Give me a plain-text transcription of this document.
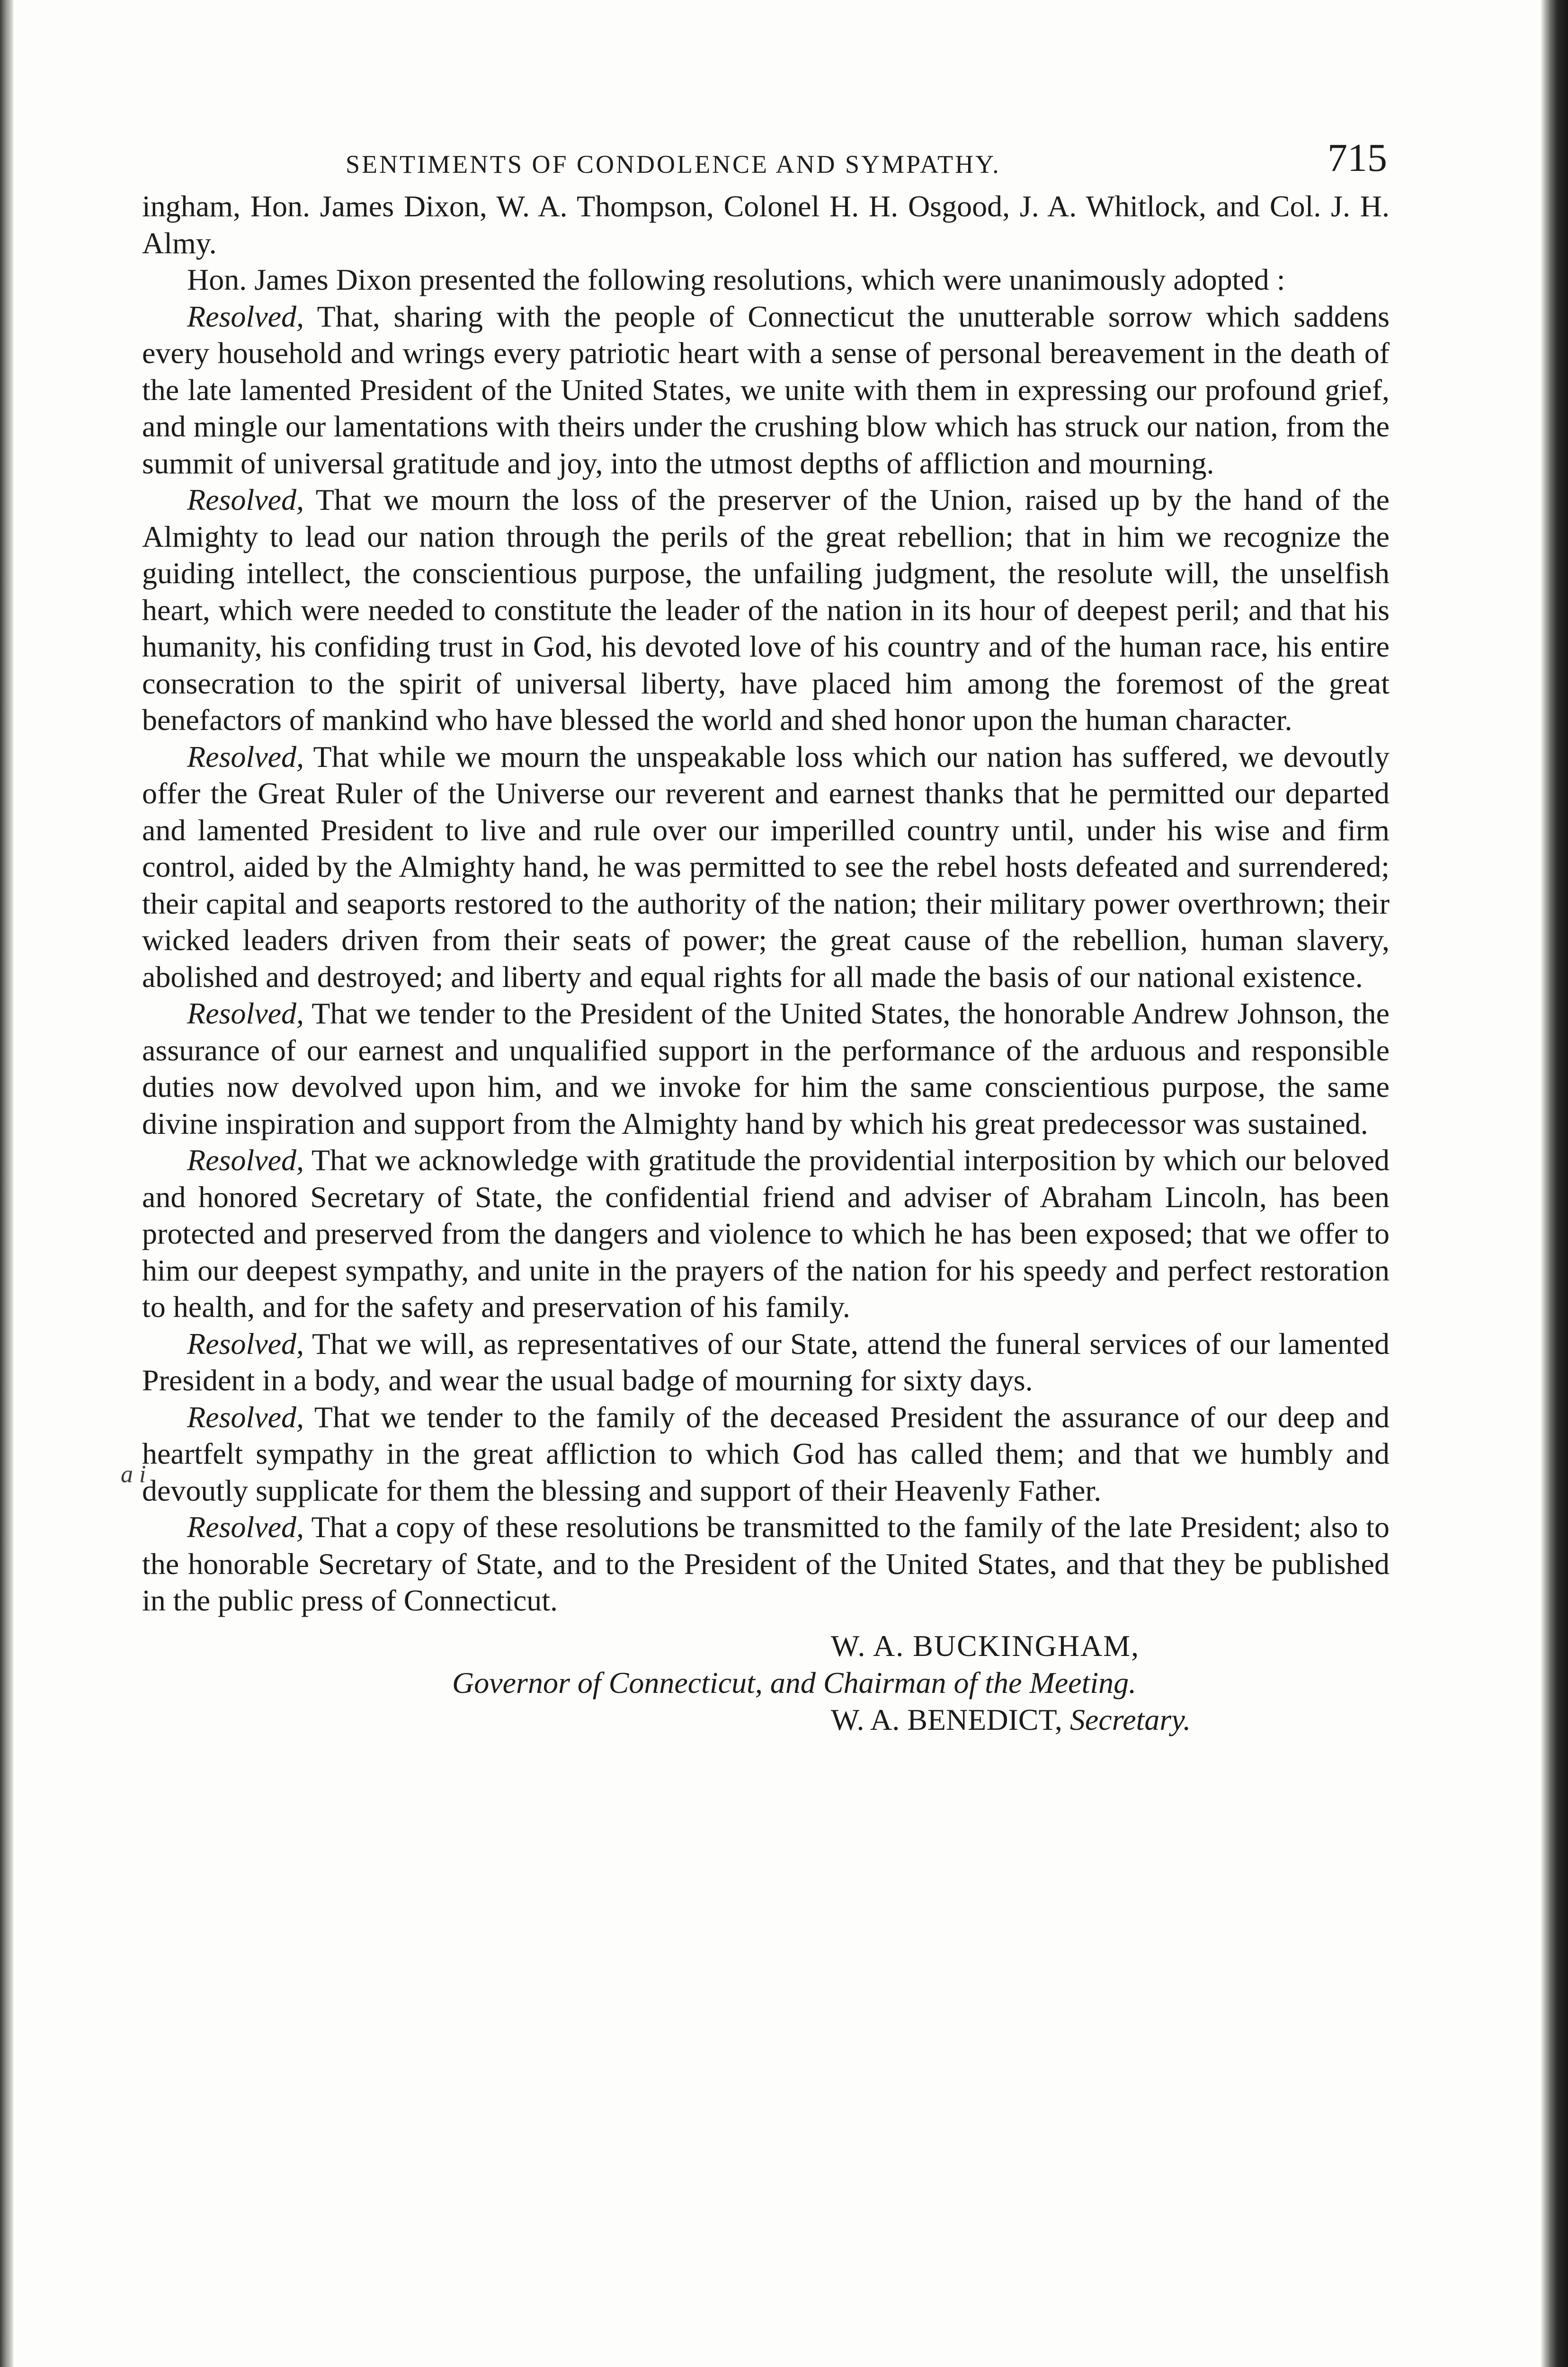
a i
SENTIMENTS OF CONDOLENCE AND SYMPATHY.	715

ingham, Hon. James Dixon, W. A. Thompson, Colonel H. H. Osgood, J. A. Whitlock, and Col. J. H. Almy.

Hon. James Dixon presented the following resolutions, which were unanimously adopted :

Resolved, That, sharing with the people of Connecticut the unutterable sorrow which saddens every household and wrings every patriotic heart with a sense of personal bereavement in the death of the late lamented President of the United States, we unite with them in expressing our profound grief, and mingle our lamentations with theirs under the crushing blow which has struck our nation, from the summit of universal gratitude and joy, into the utmost depths of affliction and mourning.

Resolved, That we mourn the loss of the preserver of the Union, raised up by the hand of the Almighty to lead our nation through the perils of the great rebellion; that in him we recognize the guiding intellect, the conscientious purpose, the unfailing judgment, the resolute will, the unselfish heart, which were needed to constitute the leader of the nation in its hour of deepest peril; and that his humanity, his confiding trust in God, his devoted love of his country and of the human race, his entire consecration to the spirit of universal liberty, have placed him among the foremost of the great benefactors of mankind who have blessed the world and shed honor upon the human character.

Resolved, That while we mourn the unspeakable loss which our nation has suffered, we devoutly offer the Great Ruler of the Universe our reverent and earnest thanks that he permitted our departed and lamented President to live and rule over our imperilled country until, under his wise and firm control, aided by the Almighty hand, he was permitted to see the rebel hosts defeated and surrendered; their capital and seaports restored to the authority of the nation; their military power overthrown; their wicked leaders driven from their seats of power; the great cause of the rebellion, human slavery, abolished and destroyed; and liberty and equal rights for all made the basis of our national existence.

Resolved, That we tender to the President of the United States, the honorable Andrew Johnson, the assurance of our earnest and unqualified support in the performance of the arduous and responsible duties now devolved upon him, and we invoke for him the same conscientious purpose, the same divine inspiration and support from the Almighty hand by which his great predecessor was sustained.

Resolved, That we acknowledge with gratitude the providential interposition by which our beloved and honored Secretary of State, the confidential friend and adviser of Abraham Lincoln, has been protected and preserved from the dangers and violence to which he has been exposed; that we offer to him our deepest sympathy, and unite in the prayers of the nation for his speedy and perfect restoration to health, and for the safety and preservation of his family.

Resolved, That we will, as representatives of our State, attend the funeral services of our lamented President in a body, and wear the usual badge of mourning for sixty days.

Resolved, That we tender to the family of the deceased President the assurance of our deep and heartfelt sympathy in the great affliction to which God has called them; and that we humbly and devoutly supplicate for them the blessing and support of their Heavenly Father.

Resolved, That a copy of these resolutions be transmitted to the family of the late President; also to the honorable Secretary of State, and to the President of the United States, and that they be published in the public press of Connecticut.

W. A. BUCKINGHAM,
Governor of Connecticut, and Chairman of the Meeting.
W. A. BENEDICT, Secretary.
